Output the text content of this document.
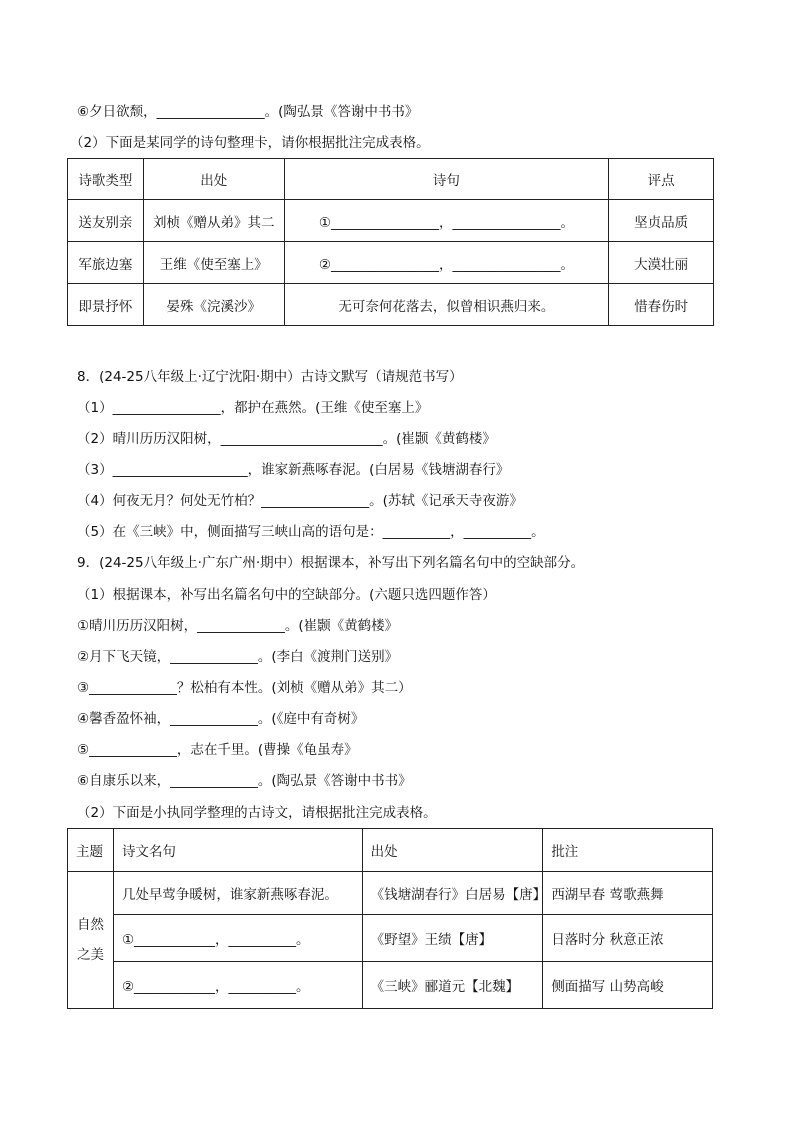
⑥夕日欲颓，________________。(陶弘景《答谢中书书》
（2）下面是某同学的诗句整理卡，请你根据批注完成表格。
诗歌类型	出处	诗句	评点
送友别亲	刘桢《赠从弟》其二	①________________，________________。	坚贞品质
军旅边塞	王维《使至塞上》	②________________，________________。	大漠壮丽
即景抒怀	晏殊《浣溪沙》	无可奈何花落去，似曾相识燕归来。	惜春伤时
8．(24-25八年级上·辽宁沈阳·期中）古诗文默写（请规范书写）
（1）________________，都护在燕然。(王维《使至塞上》
（2）晴川历历汉阳树，________________________。(崔颢《黄鹤楼》
（3）____________________，谁家新燕啄春泥。(白居易《钱塘湖春行》
（4）何夜无月？何处无竹柏？________________。(苏轼《记承天寺夜游》
（5）在《三峡》中，侧面描写三峡山高的语句是：__________，__________。
9．(24-25八年级上·广东广州·期中）根据课本，补写出下列名篇名句中的空缺部分。
（1）根据课本，补写出名篇名句中的空缺部分。(六题只选四题作答）
①晴川历历汉阳树，_____________。(崔颢《黄鹤楼》
②月下飞天镜，_____________。(李白《渡荆门送别》
③_____________？松柏有本性。(刘桢《赠从弟》其二）
④馨香盈怀袖，_____________。(《庭中有奇树》
⑤_____________，志在千里。(曹操《龟虽寿》
⑥自康乐以来，_____________。(陶弘景《答谢中书书》
（2）下面是小执同学整理的古诗文，请根据批注完成表格。
主题	诗文名句	出处	批注

自然
之美	几处早莺争暖树，谁家新燕啄春泥。	《钱塘湖春行》白居易【唐】	西湖早春 莺歌燕舞
	①____________，__________。	《野望》王绩【唐】	日落时分 秋意正浓
	②____________，__________。	《三峡》郦道元【北魏】	侧面描写 山势高峻
